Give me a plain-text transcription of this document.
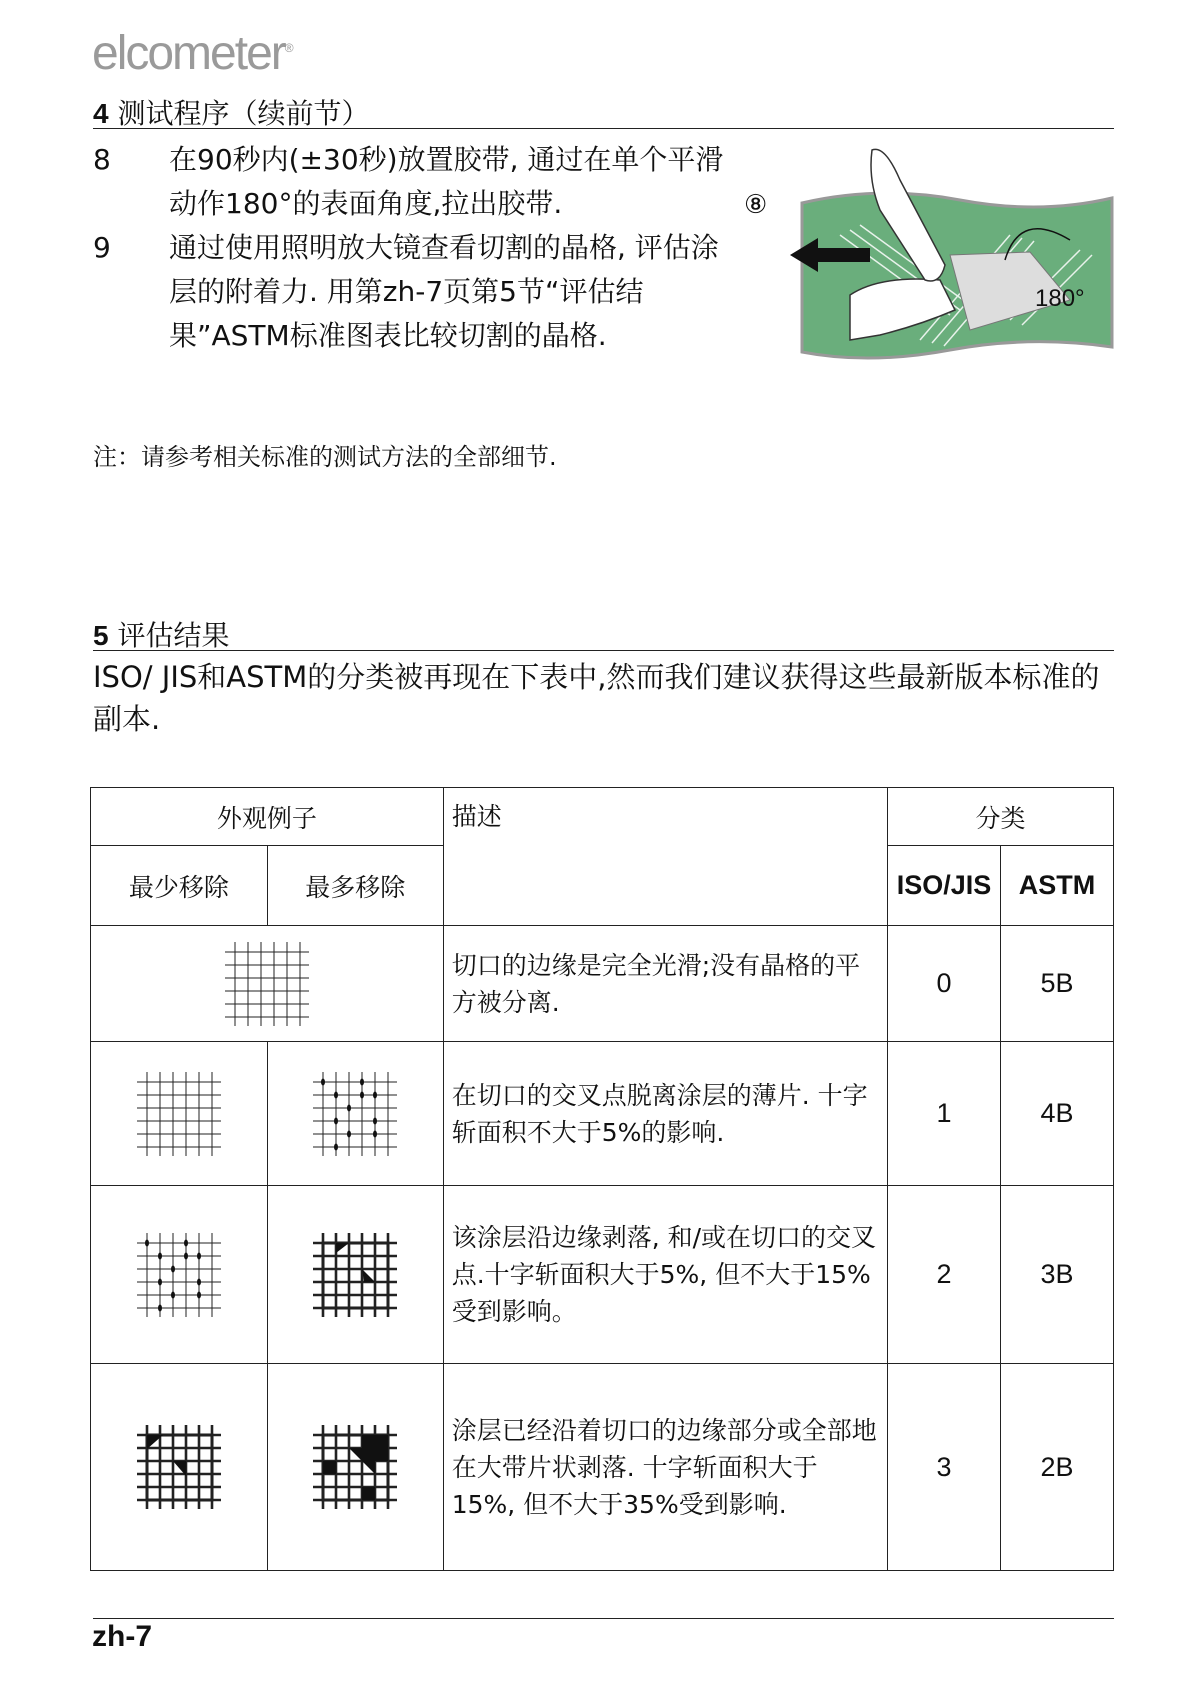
elcometer®
4 测试程序（续前节）
8 在90秒内(±30秒)放置胶带, 通过在单个平滑动作180°的表面角度,拉出胶带.
9 通过使用照明放大镜查看切割的晶格, 评估涂层的附着力. 用第zh-7页第5节“评估结果”ASTM标准图表比较切割的晶格.
⑧
180°
注：请参考相关标准的测试方法的全部细节.
5 评估结果
ISO/ JIS和ASTM的分类被再现在下表中,然而我们建议获得这些最新版本标准的副本.
外观例子		描述	分类	
最少移除	最多移除		ISO/JIS	ASTM

	切口的边缘是完全光滑;没有晶格的平方被分离.	0	5B

	在切口的交叉点脱离涂层的薄片. 十字斩面积不大于5%的影响.	1	4B

	该涂层沿边缘剥落, 和/或在切口的交叉点.十字斩面积大于5%, 但不大于15%受到影响。	2	3B

	涂层已经沿着切口的边缘部分或全部地在大带片状剥落. 十字斩面积大于15%, 但不大于35%受到影响.	3	2B
zh-7
